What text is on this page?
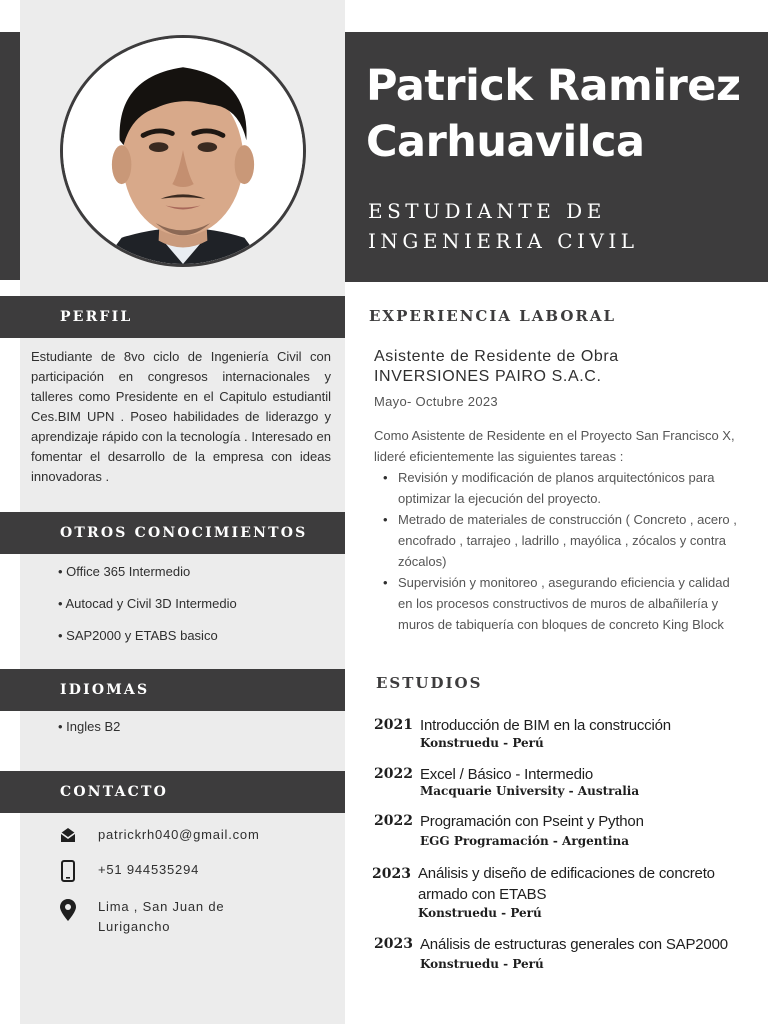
Patrick Ramirez
Carhuavilca
ESTUDIANTE DE
INGENIERIA CIVIL
PERFIL

Estudiante de 8vo ciclo de Ingeniería Civil con participación en congresos internacionales y talleres como Presidente en el Capitulo estudiantil Ces.BIM UPN . Poseo habilidades de liderazgo y aprendizaje rápido con la tecnología . Interesado en fomentar el desarrollo de la empresa con ideas innovadoras .

OTROS CONOCIMIENTOS
• Office 365 Intermedio
• Autocad y Civil 3D Intermedio
• SAP2000 y ETABS basico
IDIOMAS
• Ingles B2
CONTACTO
patrickrh040@gmail.com
+51 944535294
Lima , San Juan de
Lurigancho
EXPERIENCIA LABORAL
Asistente de Residente de Obra
INVERSIONES PAIRO S.A.C.
Mayo- Octubre 2023

Como Asistente de Residente en el Proyecto San Francisco X, lideré eficientemente las siguientes tareas :

• Revisión y modificación de planos arquitectónicos para optimizar la ejecución del proyecto.
• Metrado de materiales de construcción ( Concreto , acero , encofrado , tarrajeo , ladrillo , mayólica , zócalos y contra zócalos)
• Supervisión y monitoreo , asegurando eficiencia y calidad en los procesos constructivos de muros de albañilería y muros de tabiquería con bloques de concreto King Block
ESTUDIOS
2021 Introducción de BIM en la construcción
Konstruedu - Perú
2022 Excel / Básico - Intermedio
Macquarie University - Australia
2022 Programación con Pseint y Python
EGG Programación - Argentina
2023 Análisis y diseño de edificaciones de concreto armado con ETABS
Konstruedu - Perú
2023 Análisis de estructuras generales con SAP2000
Konstruedu - Perú
